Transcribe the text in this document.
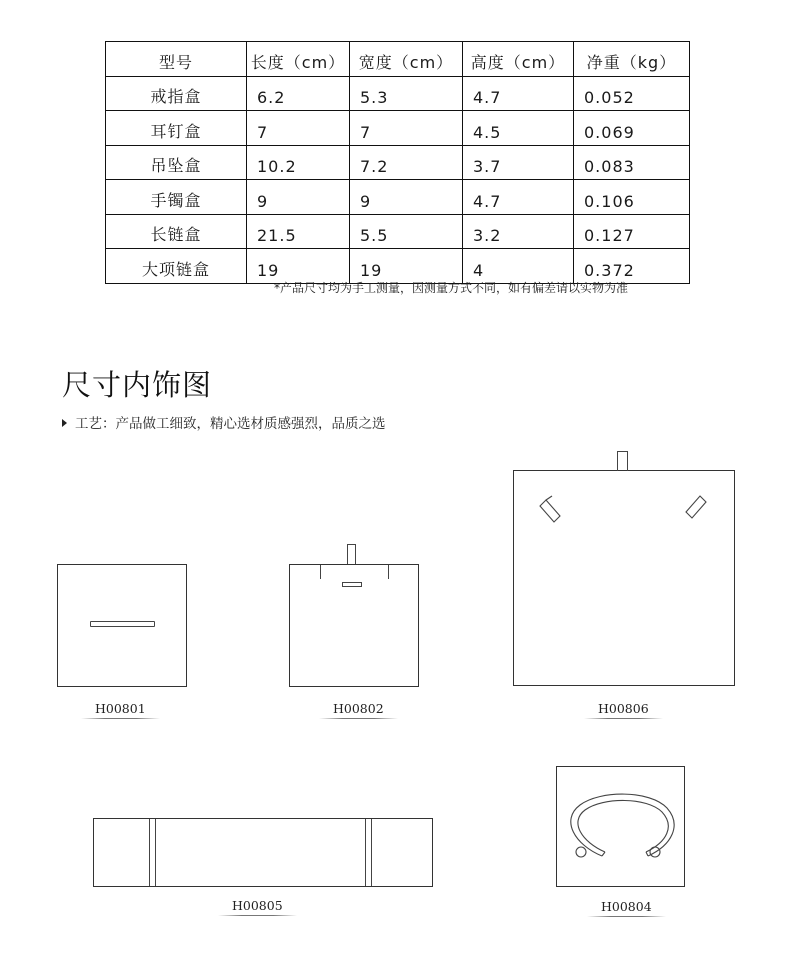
型号	长度（cm）	宽度（cm）	高度（cm）	净重（kg）
戒指盒	6.2	5.3	4.7	0.052
耳钉盒	7	7	4.5	0.069
吊坠盒	10.2	7.2	3.7	0.083
手镯盒	9	9	4.7	0.106
长链盒	21.5	5.5	3.2	0.127
大项链盒	19	19	4	0.372
*产品尺寸均为手工测量，因测量方式不同，如有偏差请以实物为准
尺寸内饰图
工艺：产品做工细致，精心选材质感强烈，品质之选
H00801	H00802	H00806
H00805	H00804
